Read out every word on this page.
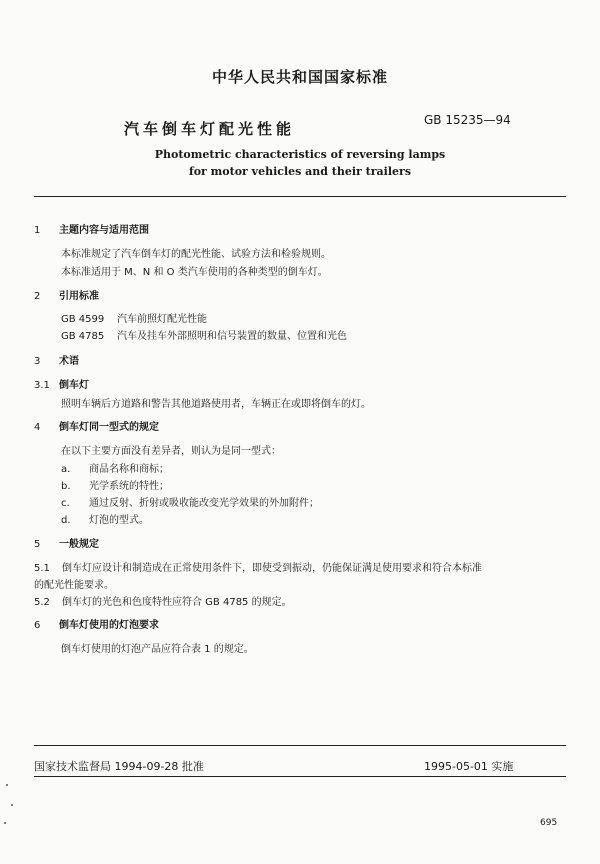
中华人民共和国国家标准
汽车倒车灯配光性能	GB 15235—94
Photometric characteristics of reversing lamps
for motor vehicles and their trailers
1 主题内容与适用范围
本标准规定了汽车倒车灯的配光性能、试验方法和检验规则。
本标准适用于 M、N 和 O 类汽车使用的各种类型的倒车灯。
2 引用标准
GB 4599 汽车前照灯配光性能
GB 4785 汽车及挂车外部照明和信号装置的数量、位置和光色
3 术语
3.1 倒车灯
照明车辆后方道路和警告其他道路使用者，车辆正在或即将倒车的灯。
4 倒车灯同一型式的规定
在以下主要方面没有差异者，则认为是同一型式：
a. 商品名称和商标；
b. 光学系统的特性；
c. 通过反射、折射或吸收能改变光学效果的外加附件；
d. 灯泡的型式。
5 一般规定
5.1 倒车灯应设计和制造成在正常使用条件下，即使受到振动，仍能保证满足使用要求和符合本标准
的配光性能要求。
5.2 倒车灯的光色和色度特性应符合 GB 4785 的规定。
6 倒车灯使用的灯泡要求
倒车灯使用的灯泡产品应符合表 1 的规定。
国家技术监督局 1994-09-28 批准	1995-05-01 实施
695
